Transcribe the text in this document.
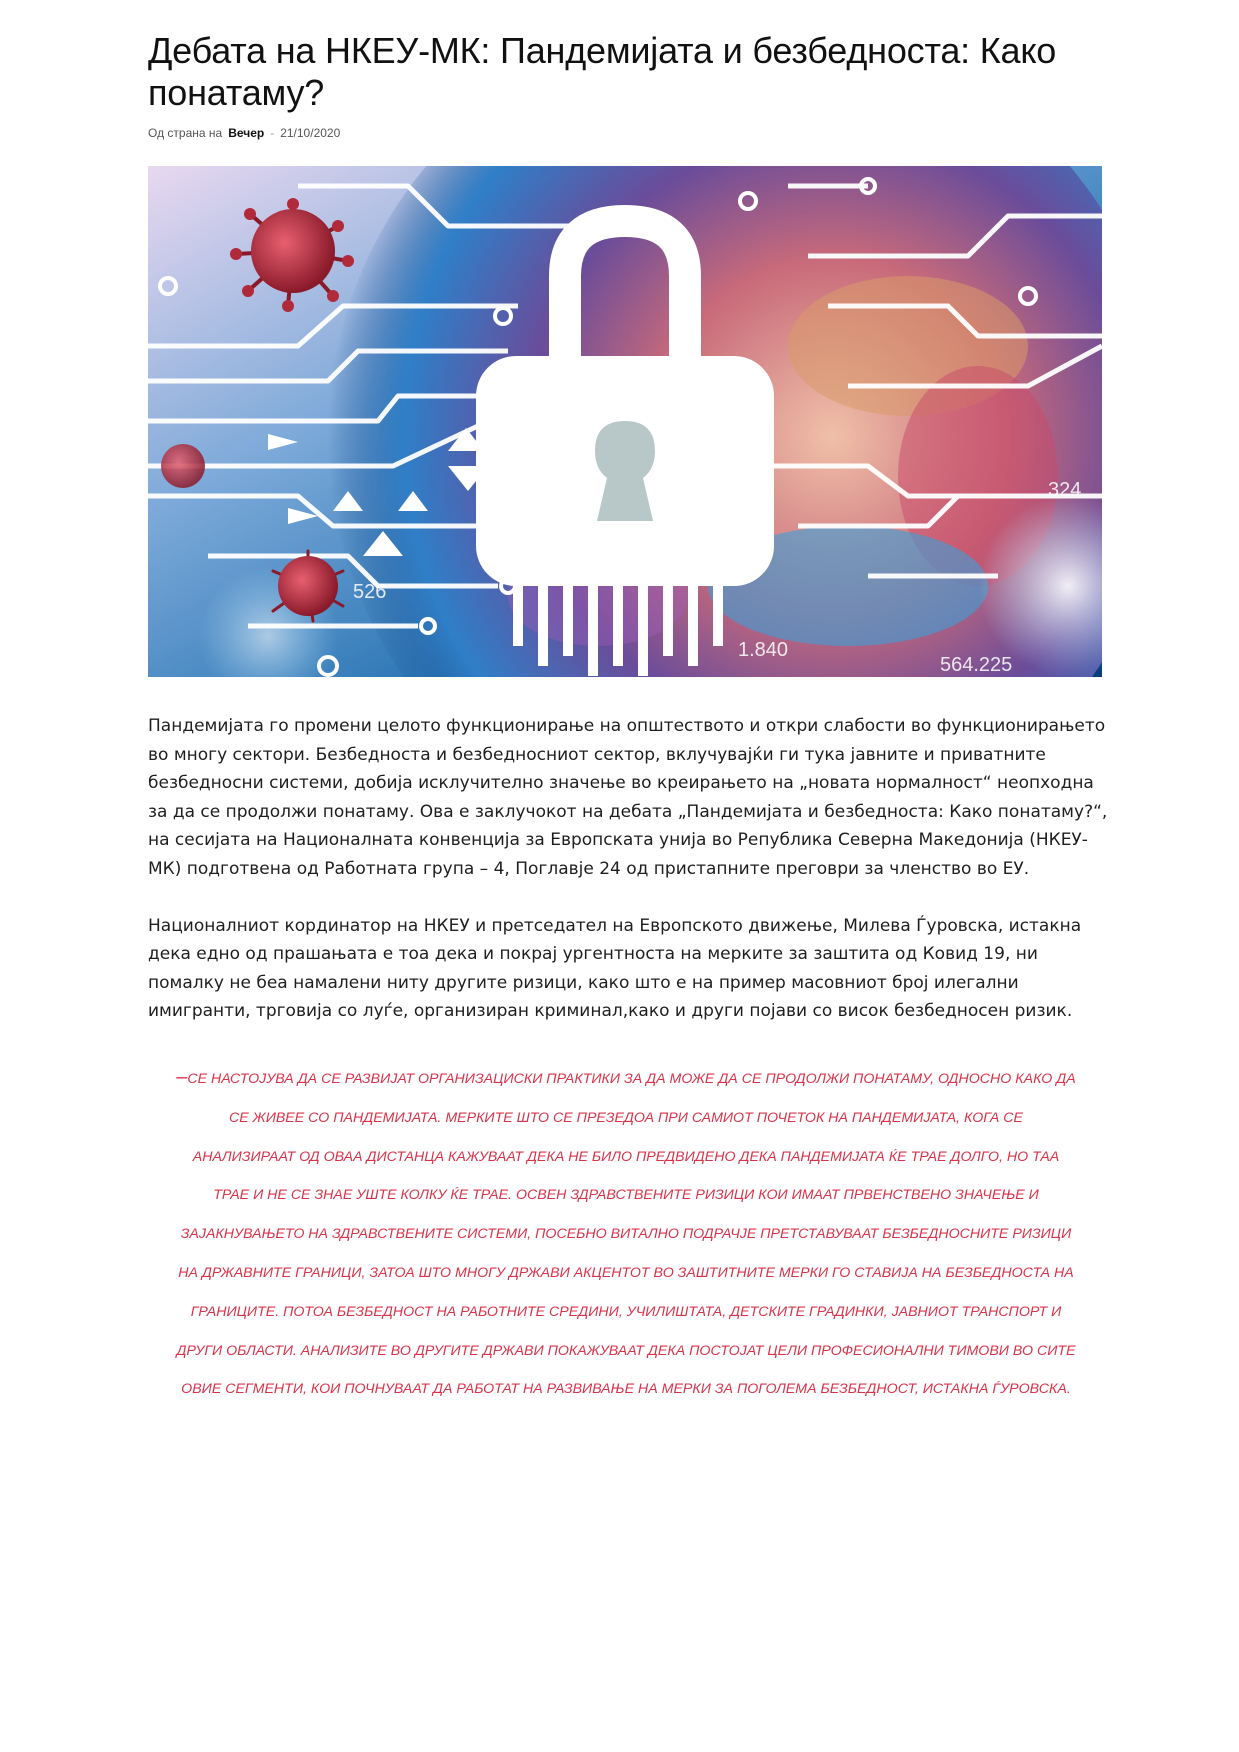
Дебата на НКЕУ-МК: Пандемијата и безбедноста: Како понатаму?
Од страна на Вечер - 21/10/2020
526
324
564.225
1.840

Пандемијата го промени целото функционирање на општеството и откри слабости во функционирањето во многу сектори. Безбедноста и безбедносниот сектор, вклучувајќи ги тука јавните и приватните безбедносни системи, добија исклучително значење во креирањето на „новата нормалност“ неопходна за да се продолжи понатаму. Ова е заклучокот на дебата „Пандемијата и безбедноста: Како понатаму?“, на сесијата на Националната конвенција за Европската унија во Република Северна Македонија (НКЕУ-МК) подготвена од Работната група – 4, Поглавје 24 од пристапните преговри за членство во ЕУ.

Националниот кординатор на НКЕУ и претседател на Европското движење, Милева Ѓуровска, истакна дека едно од прашањата е тоа дека и покрај ургентноста на мерките за заштита од Ковид 19, ни помалку не беа намалени ниту другите ризици, како што е на пример масовниот број илегални имигранти, трговија со луѓе, организиран криминал,како и други појави со висок безбедносен ризик.

–СЕ НАСТОЈУВА ДА СЕ РАЗВИЈАТ ОРГАНИЗАЦИСКИ ПРАКТИКИ ЗА ДА МОЖЕ ДА СЕ ПРОДОЛЖИ ПОНАТАМУ, ОДНОСНО КАКО ДА СЕ ЖИВЕЕ СО ПАНДЕМИЈАТА. МЕРКИТЕ ШТО СЕ ПРЕЗЕДОА ПРИ САМИОТ ПОЧЕТОК НА ПАНДЕМИЈАТА, КОГА СЕ АНАЛИЗИРААТ ОД ОВАА ДИСТАНЦА КАЖУВААТ ДЕКА НЕ БИЛО ПРЕДВИДЕНО ДЕКА ПАНДЕМИЈАТА ЌЕ ТРАЕ ДОЛГО, НО ТАА ТРАЕ И НЕ СЕ ЗНАЕ УШТЕ КОЛКУ ЌЕ ТРАЕ. ОСВЕН ЗДРАВСТВЕНИТЕ РИЗИЦИ КОИ ИМААТ ПРВЕНСТВЕНО ЗНАЧЕЊЕ И ЗАЈАКНУВАЊЕТО НА ЗДРАВСТВЕНИТЕ СИСТЕМИ, ПОСЕБНО ВИТАЛНО ПОДРАЧЈЕ ПРЕТСТАВУВААТ БЕЗБЕДНОСНИТЕ РИЗИЦИ НА ДРЖАВНИТЕ ГРАНИЦИ, ЗАТОА ШТО МНОГУ ДРЖАВИ АКЦЕНТОТ ВО ЗАШТИТНИТЕ МЕРКИ ГО СТАВИЈА НА БЕЗБЕДНОСТА НА ГРАНИЦИТЕ. ПОТОА БЕЗБЕДНОСТ НА РАБОТНИТЕ СРЕДИНИ, УЧИЛИШТАТА, ДЕТСКИТЕ ГРАДИНКИ, ЈАВНИОТ ТРАНСПОРТ И ДРУГИ ОБЛАСТИ. АНАЛИЗИТЕ ВО ДРУГИТЕ ДРЖАВИ ПОКАЖУВААТ ДЕКА ПОСТОЈАТ ЦЕЛИ ПРОФЕСИОНАЛНИ ТИМОВИ ВО СИТЕ ОВИЕ СЕГМЕНТИ, КОИ ПОЧНУВААТ ДА РАБОТАТ НА РАЗВИВАЊЕ НА МЕРКИ ЗА ПОГОЛЕМА БЕЗБЕДНОСТ, ИСТАКНА ЃУРОВСКА.
